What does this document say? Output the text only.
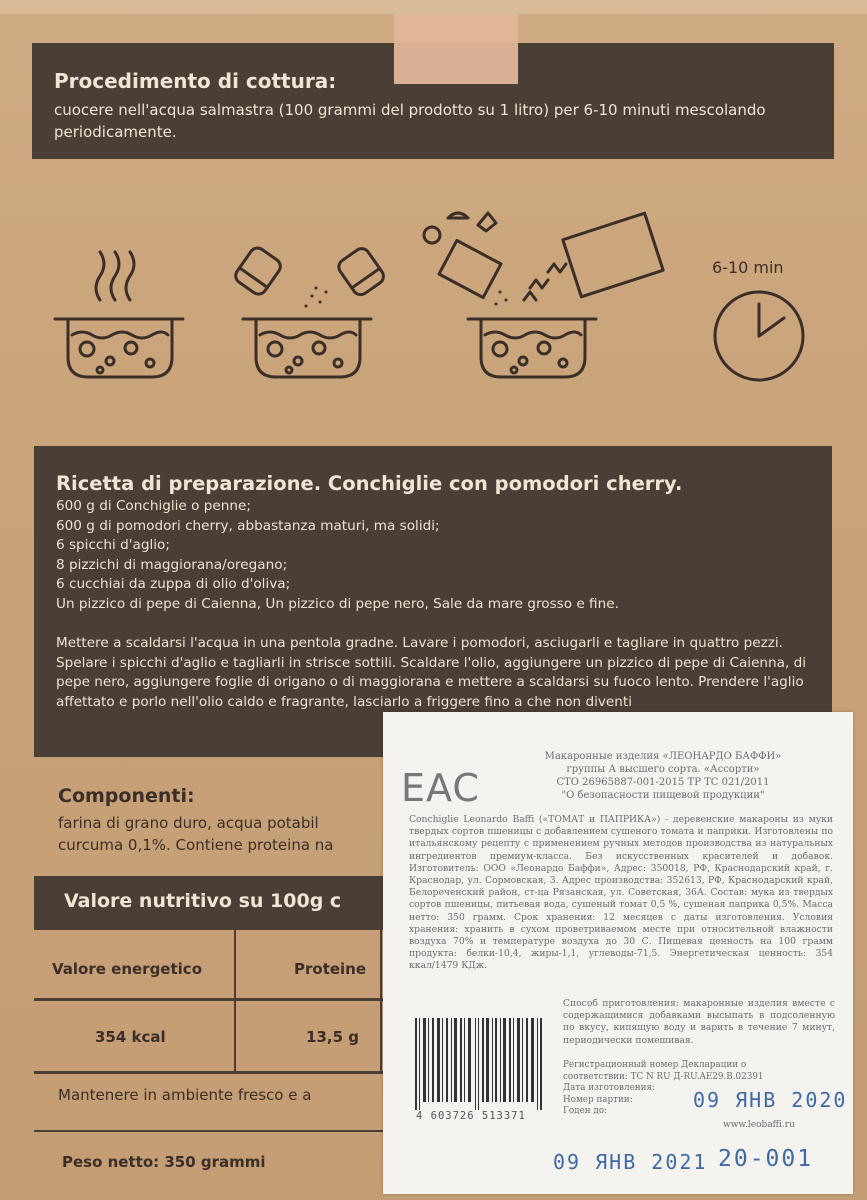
Procedimento di cottura:

cuocere nell'acqua salmastra (100 grammi del prodotto su 1 litro) per 6-10 minuti mescolando periodicamente.

6-10 min
Ricetta di preparazione. Conchiglie con pomodori cherry.
600 g di Conchiglie o penne;
600 g di pomodori cherry, abbastanza maturi, ma solidi;
6 spicchi d'aglio;
8 pizzichi di maggiorana/oregano;
6 cucchiai da zuppa di olio d'oliva;
Un pizzico di pepe di Caienna, Un pizzico di pepe nero, Sale da mare grosso e fine.
Mettere a scaldarsi l'acqua in una pentola gradne. Lavare i pomodori, asciugarli e tagliare in quattro pezzi. Spelare i spicchi d'aglio e tagliarli in strisce sottili. Scaldare l'olio, aggiungere un pizzico di pepe di Caienna, di pepe nero, aggiungere foglie di origano o di maggiorana e mettere a scaldarsi su fuoco lento. Prendere l'aglio affettato e porlo nell'olio caldo e fragrante, lasciarlo a friggere fino a che non diventi
Componenti:
farina di grano duro, acqua potabil
curcuma 0,1%. Contiene proteina na
Valore nutritivo su 100g c
Valore energetico	Proteine
354 kcal	13,5 g
Mantenere in ambiente fresco e a
Peso netto: 350 grammi
EAC
Макаронные изделия «ЛЕОНАРДО БАФФИ»
группы А высшего сорта. «Ассорти»
СТО 26965887-001-2015 ТР ТС 021/2011
"О безопасности пищевой продукции"
Conchiglie Leonardo Baffi («ТОМАТ и ПАПРИКА») - деревенские макароны из муки твердых сортов пшеницы с добавлением сушеного томата и паприки. Изготовлены по итальянскому рецепту с применением ручных методов производства из натуральных ингредиентов премиум-класса. Без искусственных красителей и добавок. Изготовитель: ООО «Леонардо Баффи», Адрес: 350018, РФ, Краснодарский край, г. Краснодар, ул. Сормовская, 3. Адрес производства: 352613, РФ, Краснодарский край, Белореченский район, ст-ца Рязанская, ул. Советская, 36А. Состав: мука из твердых сортов пшеницы, питьевая вода, сушеный томат 0,5 %, сушеная паприка 0,5%. Масса нетто: 350 грамм. Срок хранения: 12 месяцев с даты изготовления. Условия хранения: хранить в сухом проветриваемом месте при относительной влажности воздуха 70% и температуре воздуха до 30 С. Пищевая ценность на 100 грамм продукта: белки-10,4, жиры-1,1, углеводы-71,5. Энергетическая ценность: 354 ккал/1479 КДж.
4 603726 513371
Способ приготовления: макаронные изделия вместе с содержащимися добавками высыпать в подсоленную по вкусу, кипящую воду и варить в течение 7 минут, периодически помешивая.
Регистрационный номер Декларации о
соответствии: TC N RU Д-RU.AE29.B.02391
Дата изготовления:
Номер партии:
Годен до:
www.leobaffi.ru
09 ЯНВ 2020
09 ЯНВ 2021 20-001
